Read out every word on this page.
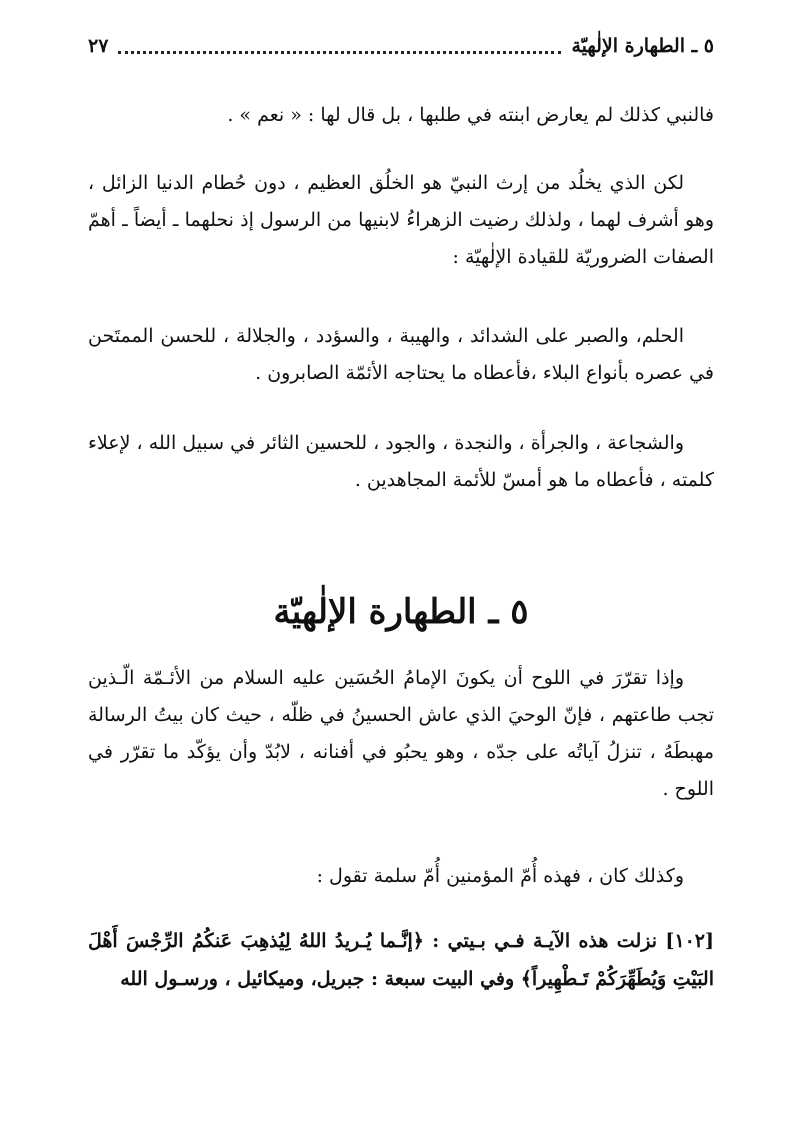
٥ ـ الطهارة الإلٰهيّة
٢٧

فالنبي كذلك لم يعارض ابنته في طلبها ، بل قال لها : « نعم » .

لكن الذي يخلُد من إرث النبيّ هو الخلُق العظيم ، دون حُطام الدنيا الزائل ، وهو أشرف لهما ، ولذلك رضيت الزهراءُ لابنيها من الرسول إذ نحلهما ـ أيضاً ـ أهمّ الصفات الضروريّة للقيادة الإلٰهيّة :

الحلم، والصبر على الشدائد ، والهيبة ، والسؤدد ، والجلالة ، للحسن الممتَحن في عصره بأنواع البلاء ،فأعطاه ما يحتاجه الأئمّة الصابرون .

والشجاعة ، والجرأة ، والنجدة ، والجود ، للحسين الثائر في سبيل الله ، لإعلاء كلمته ، فأعطاه ما هو أمسّ للأئمة المجاهدين .

٥ ـ الطهارة الإلٰهيّة

وإذا تقرّرَ في اللوح أن يكونَ الإمامُ الحُسَين عليه السلام من الأئـمّة الّـذين تجب طاعتهم ، فإنّ الوحيَ الذي عاش الحسينُ في ظلّه ، حيث كان بيتُ الرسالة مهبطَهُ ، تنزلُ آياتُه على جدّه ، وهو يحبُو في أفنانه ، لابُدّ وأن يؤكّد ما تقرّر في اللوح .

وكذلك كان ، فهذه أُمّ المؤمنين أُمّ سلمة تقول :

[١٠٢] نزلت هذه الآيـة فـي بـيتي : ﴿إنَّـما يُـريدُ اللهُ لِيُذهِبَ عَنكُمُ الرِّجْسَ أَهْلَ البَيْتِ وَيُطَهِّرَكُمْ تَـطْهِيراً﴾ وفي البيت سبعة : جبريل، وميكائيل ، ورسـول الله
